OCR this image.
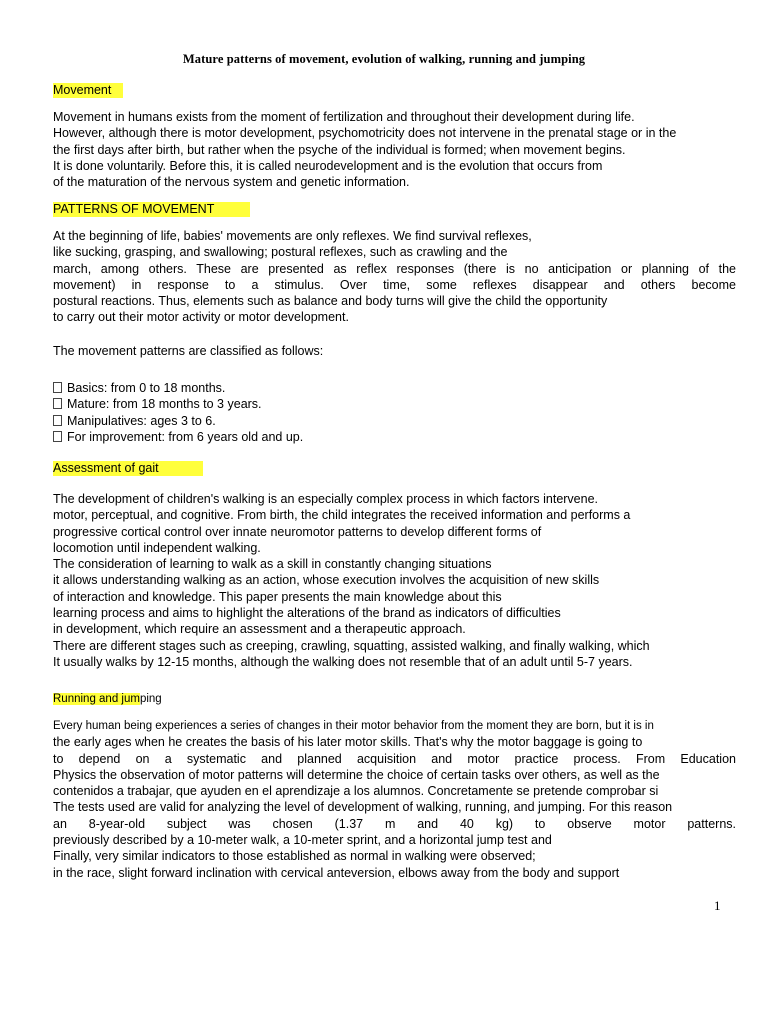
Mature patterns of movement, evolution of walking, running and jumping
Movement
Movement in humans exists from the moment of fertilization and throughout their development during life.
However, although there is motor development, psychomotricity does not intervene in the prenatal stage or in the
the first days after birth, but rather when the psyche of the individual is formed; when movement begins.
It is done voluntarily. Before this, it is called neurodevelopment and is the evolution that occurs from
of the maturation of the nervous system and genetic information.
PATTERNS OF MOVEMENT
At the beginning of life, babies' movements are only reflexes. We find survival reflexes,
like sucking, grasping, and swallowing; postural reflexes, such as crawling and the
march, among others. These are presented as reflex responses (there is no anticipation or planning of the
movement) in response to a stimulus. Over time, some reflexes disappear and others become
postural reactions. Thus, elements such as balance and body turns will give the child the opportunity
to carry out their motor activity or motor development.
The movement patterns are classified as follows:
Basics: from 0 to 18 months.
Mature: from 18 months to 3 years.
Manipulatives: ages 3 to 6.
For improvement: from 6 years old and up.
Assessment of gait
The development of children's walking is an especially complex process in which factors intervene.
motor, perceptual, and cognitive. From birth, the child integrates the received information and performs a
progressive cortical control over innate neuromotor patterns to develop different forms of
locomotion until independent walking.
The consideration of learning to walk as a skill in constantly changing situations
it allows understanding walking as an action, whose execution involves the acquisition of new skills
of interaction and knowledge. This paper presents the main knowledge about this
learning process and aims to highlight the alterations of the brand as indicators of difficulties
in development, which require an assessment and a therapeutic approach.
There are different stages such as creeping, crawling, squatting, assisted walking, and finally walking, which
It usually walks by 12-15 months, although the walking does not resemble that of an adult until 5-7 years.
Running and jumping
Every human being experiences a series of changes in their motor behavior from the moment they are born, but it is in
the early ages when he creates the basis of his later motor skills. That's why the motor baggage is going to
to depend on a systematic and planned acquisition and motor practice process. From Education
Physics the observation of motor patterns will determine the choice of certain tasks over others, as well as the
contenidos a trabajar, que ayuden en el aprendizaje a los alumnos. Concretamente se pretende comprobar si
The tests used are valid for analyzing the level of development of walking, running, and jumping. For this reason
an 8-year-old subject was chosen (1.37 m and 40 kg) to observe motor patterns.
previously described by a 10-meter walk, a 10-meter sprint, and a horizontal jump test and
Finally, very similar indicators to those established as normal in walking were observed;
in the race, slight forward inclination with cervical anteversion, elbows away from the body and support
1
